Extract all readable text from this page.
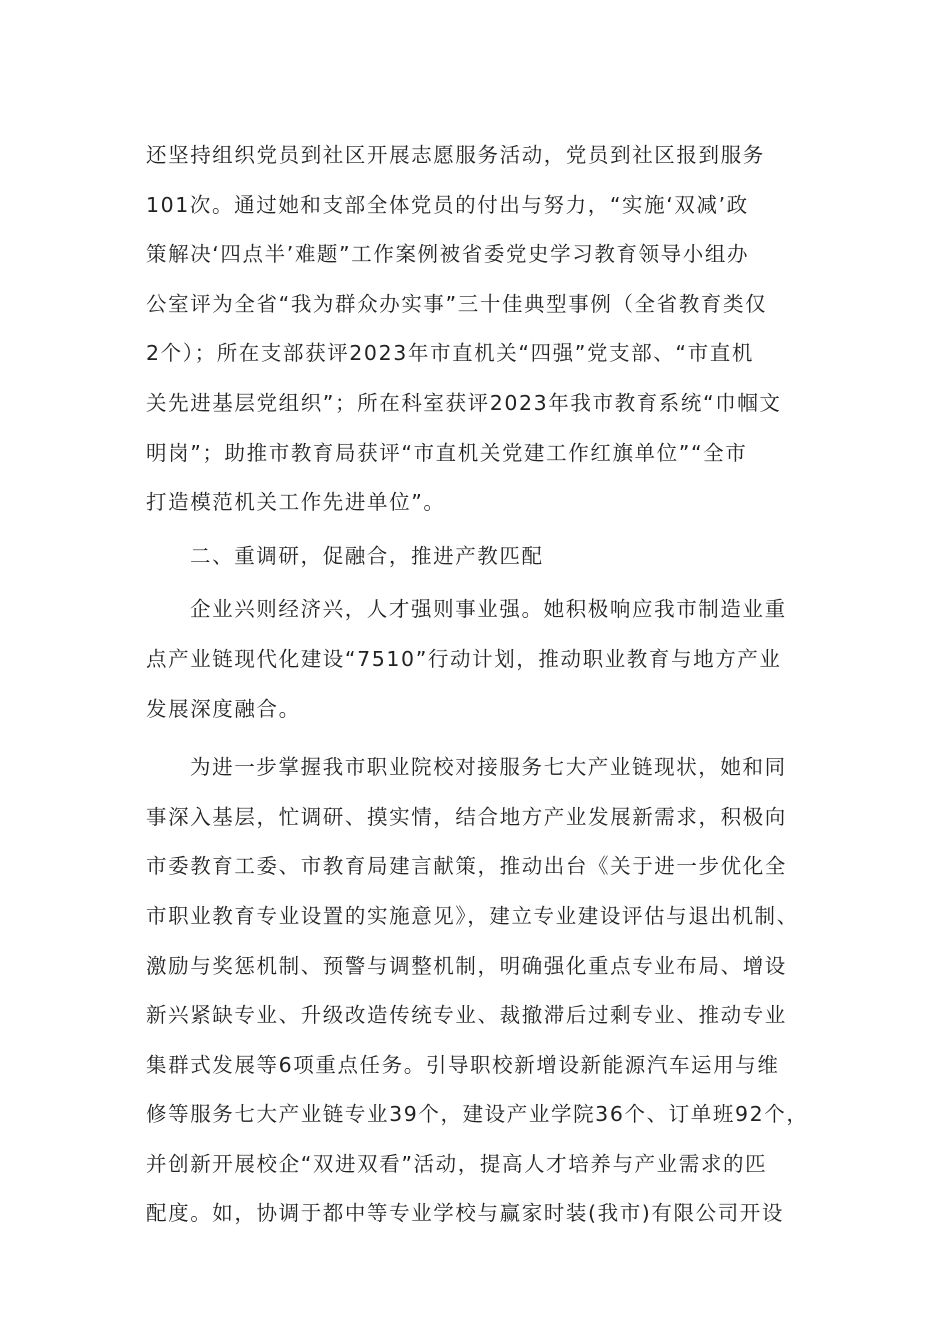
还坚持组织党员到社区开展志愿服务活动，党员到社区报到服务
101次。通过她和支部全体党员的付出与努力，“实施‘双减’政
策解决‘四点半’难题”工作案例被省委党史学习教育领导小组办
公室评为全省“我为群众办实事”三十佳典型事例（全省教育类仅
2个）；所在支部获评2023年市直机关“四强”党支部、“市直机
关先进基层党组织”；所在科室获评2023年我市教育系统“巾帼文
明岗”；助推市教育局获评“市直机关党建工作红旗单位”“全市
打造模范机关工作先进单位”。
二、重调研，促融合，推进产教匹配
企业兴则经济兴，人才强则事业强。她积极响应我市制造业重
点产业链现代化建设“7510”行动计划，推动职业教育与地方产业
发展深度融合。
为进一步掌握我市职业院校对接服务七大产业链现状，她和同
事深入基层，忙调研、摸实情，结合地方产业发展新需求，积极向
市委教育工委、市教育局建言献策，推动出台《关于进一步优化全
市职业教育专业设置的实施意见》，建立专业建设评估与退出机制、
激励与奖惩机制、预警与调整机制，明确强化重点专业布局、增设
新兴紧缺专业、升级改造传统专业、裁撤滞后过剩专业、推动专业
集群式发展等6项重点任务。引导职校新增设新能源汽车运用与维
修等服务七大产业链专业39个，建设产业学院36个、订单班92个，
并创新开展校企“双进双看”活动，提高人才培养与产业需求的匹
配度。如，协调于都中等专业学校与赢家时装(我市)有限公司开设
